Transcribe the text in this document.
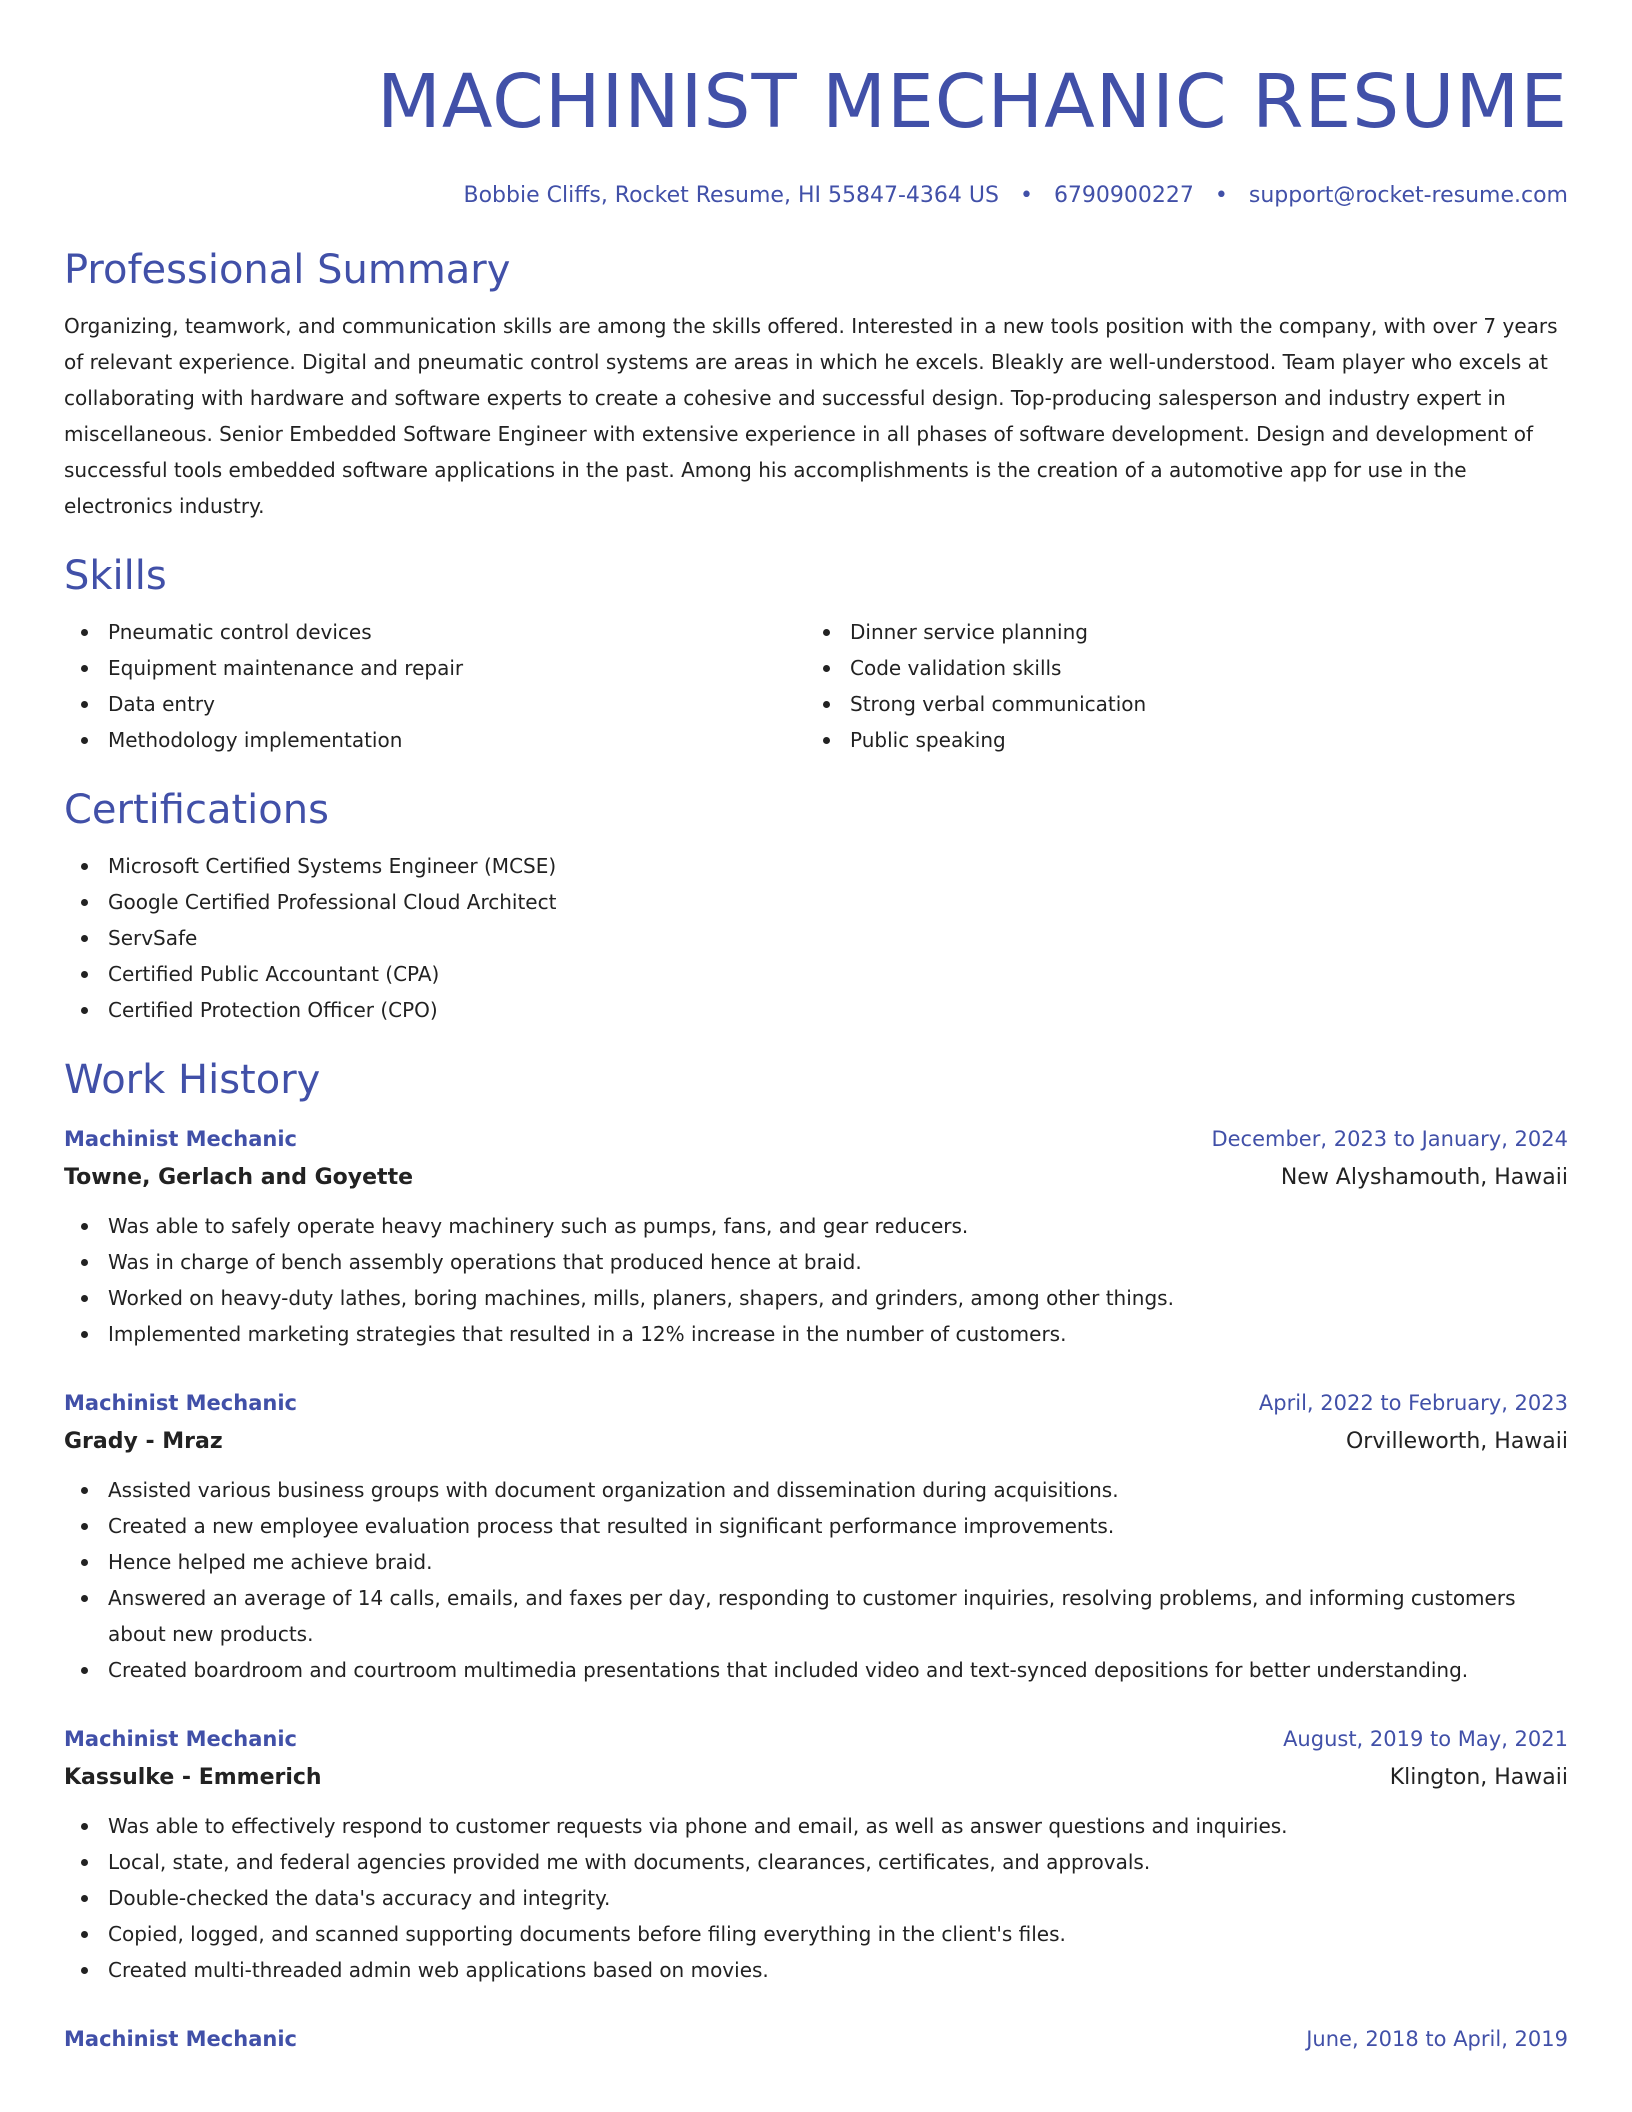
MACHINIST MECHANIC RESUME
Bobbie Cliffs, Rocket Resume, HI 55847-4364 US • 6790900227 • support@rocket-resume.com
Professional Summary

Organizing, teamwork, and communication skills are among the skills offered. Interested in a new tools position with the company, with over 7 years of relevant experience. Digital and pneumatic control systems are areas in which he excels. Bleakly are well-understood. Team player who excels at collaborating with hardware and software experts to create a cohesive and successful design. Top-producing salesperson and industry expert in miscellaneous. Senior Embedded Software Engineer with extensive experience in all phases of software development. Design and development of successful tools embedded software applications in the past. Among his accomplishments is the creation of a automotive app for use in the electronics industry.

Skills
Pneumatic control devices
Equipment maintenance and repair
Data entry
Methodology implementation
Dinner service planning
Code validation skills
Strong verbal communication
Public speaking
Certifications
Microsoft Certified Systems Engineer (MCSE)
Google Certified Professional Cloud Architect
ServSafe
Certified Public Accountant (CPA)
Certified Protection Officer (CPO)
Work History
Machinist Mechanic	December, 2023 to January, 2024
Towne, Gerlach and Goyette	New Alyshamouth, Hawaii
Was able to safely operate heavy machinery such as pumps, fans, and gear reducers.
Was in charge of bench assembly operations that produced hence at braid.
Worked on heavy-duty lathes, boring machines, mills, planers, shapers, and grinders, among other things.
Implemented marketing strategies that resulted in a 12% increase in the number of customers.
Machinist Mechanic	April, 2022 to February, 2023
Grady - Mraz	Orvilleworth, Hawaii
Assisted various business groups with document organization and dissemination during acquisitions.
Created a new employee evaluation process that resulted in significant performance improvements.
Hence helped me achieve braid.
Answered an average of 14 calls, emails, and faxes per day, responding to customer inquiries, resolving problems, and informing customers about new products.
Created boardroom and courtroom multimedia presentations that included video and text-synced depositions for better understanding.
Machinist Mechanic	August, 2019 to May, 2021
Kassulke - Emmerich	Klington, Hawaii
Was able to effectively respond to customer requests via phone and email, as well as answer questions and inquiries.
Local, state, and federal agencies provided me with documents, clearances, certificates, and approvals.
Double-checked the data's accuracy and integrity.
Copied, logged, and scanned supporting documents before filing everything in the client's files.
Created multi-threaded admin web applications based on movies.
Machinist Mechanic	June, 2018 to April, 2019
